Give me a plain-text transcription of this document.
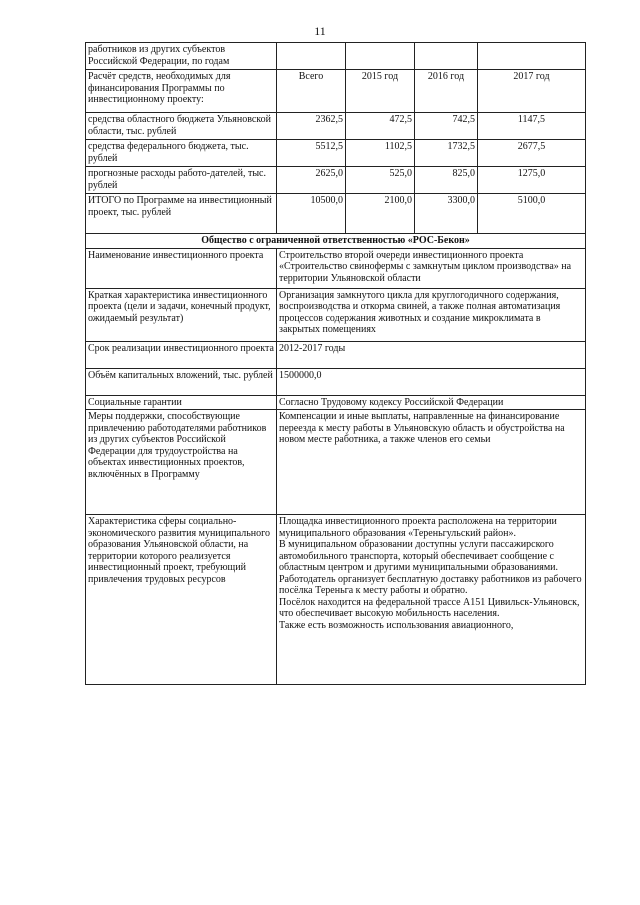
11
работников из других субъектов Российской Федерации, по годам				
Расчёт средств, необходимых для финансирования Программы по инвестиционному проекту:	Всего	2015 год	2016 год	2017 год
средства областного бюджета Ульяновской области, тыс. рублей	2362,5	472,5	742,5	1147,5
средства федерального бюджета, тыс. рублей	5512,5	1102,5	1732,5	2677,5
прогнозные расходы работо-дателей, тыс. рублей	2625,0	525,0	825,0	1275,0
ИТОГО по Программе на инвестиционный проект, тыс. рублей	10500,0	2100,0	3300,0	5100,0
Общество с ограниченной ответственностью «РОС-Бекон»				
Наименование инвестиционного проекта	Строительство второй очереди инвестиционного проекта «Строительство свинофермы с замкнутым циклом производства» на территории Ульяновской области			
Краткая характеристика инвестиционного проекта (цели и задачи, конечный продукт, ожидаемый результат)	Организация замкнутого цикла для круглогодичного содержания, воспроизводства и откорма свиней, а также полная автоматизация процессов содержания животных и создание микроклимата в закрытых помещениях			
Срок реализации инвестиционного проекта	2012-2017 годы			
Объём капитальных вложений, тыс. рублей	1500000,0			
Социальные гарантии	Согласно Трудовому кодексу Российской Федерации			
Меры поддержки, способствующие привлечению работодателями работников из других субъектов Российской Федерации для трудоустройства на объектах инвестиционных проектов, включённых в Программу	Компенсации и иные выплаты, направленные на финансирование переезда к месту работы в Ульяновскую область и обустройства на новом месте работника, а также членов его семьи			
Характеристика сферы социально-экономического развития муниципального образования Ульяновской области, на территории которого реализуется инвестиционный проект, требующий привлечения трудовых ресурсов	Площадка инвестиционного проекта расположена на территории муниципального образования «Тереньгульский район».
В муниципальном образовании доступны услуги пассажирского автомобильного транспорта, который обеспечивает сообщение с областным центром и другими муниципальными образованиями.
Работодатель организует бесплатную доставку работников из рабочего посёлка Тереньга к месту работы и обратно.
Посёлок находится на федеральной трассе А151 Цивильск-Ульяновск, что обеспечивает высокую мобильность населения.
Также есть возможность использования авиационного,			
